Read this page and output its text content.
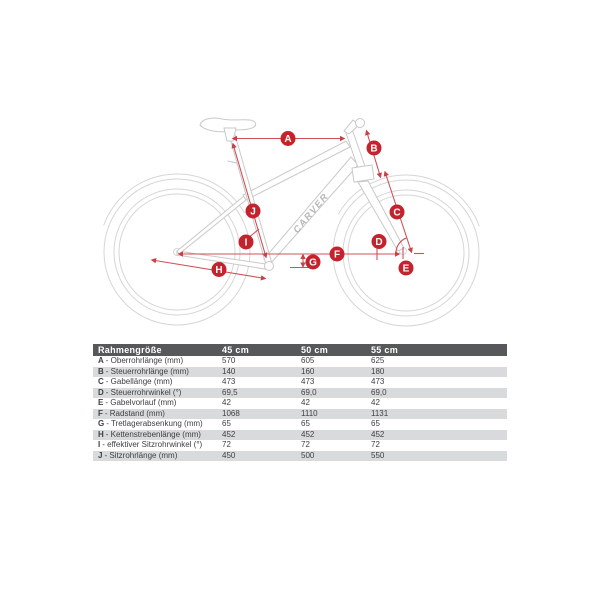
CARVER
A
B
C
D
E
F
G
H
I
J
Rahmengröße	45 cm	50 cm	55 cm
A - Oberrohrlänge (mm)	570	605	625
B - Steuerrohrlänge (mm)	140	160	180
C - Gabellänge (mm)	473	473	473
D - Steuerrohrwinkel (°)	69,5	69,0	69,0
E - Gabelvorlauf (mm)	42	42	42
F - Radstand (mm)	1068	1110	1131
G - Tretlagerabsenkung (mm)	65	65	65
H - Kettenstrebenlänge (mm)	452	452	452
I - effektiver Sitzrohrwinkel (°)	72	72	72
J - Sitzrohrlänge (mm)	450	500	550
